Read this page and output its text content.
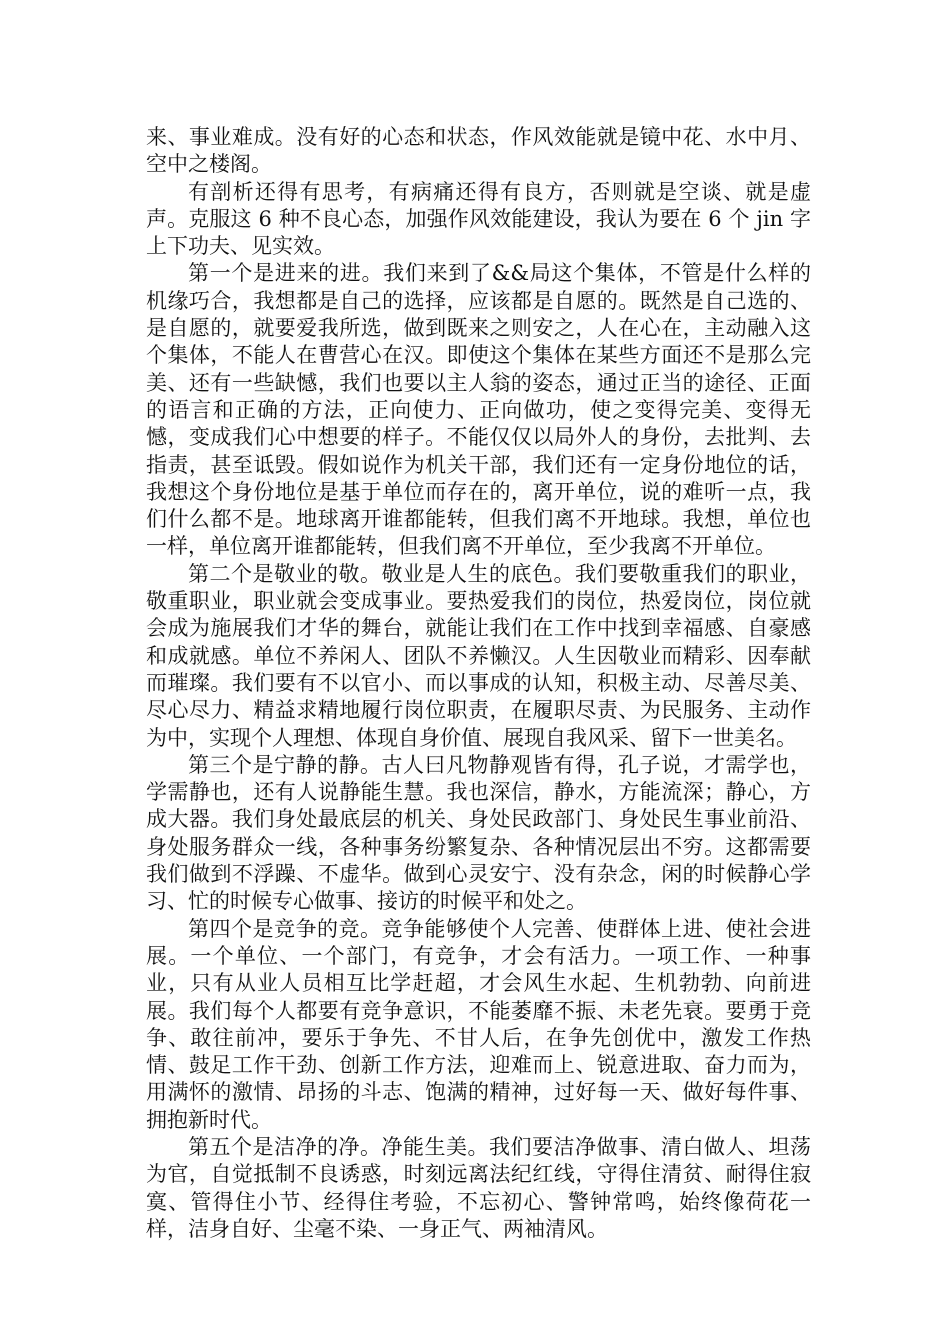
来、事业难成。没有好的心态和状态，作风效能就是镜中花、水中月、空中之楼阁。

有剖析还得有思考，有病痛还得有良方，否则就是空谈、就是虚声。克服这 6 种不良心态，加强作风效能建设，我认为要在 6 个 jin 字上下功夫、见实效。

第一个是进来的进。我们来到了&&局这个集体，不管是什么样的机缘巧合，我想都是自己的选择，应该都是自愿的。既然是自己选的、是自愿的，就要爱我所选，做到既来之则安之，人在心在，主动融入这个集体，不能人在曹营心在汉。即使这个集体在某些方面还不是那么完美、还有一些缺憾，我们也要以主人翁的姿态，通过正当的途径、正面的语言和正确的方法，正向使力、正向做功，使之变得完美、变得无憾，变成我们心中想要的样子。不能仅仅以局外人的身份，去批判、去指责，甚至诋毁。假如说作为机关干部，我们还有一定身份地位的话，我想这个身份地位是基于单位而存在的，离开单位，说的难听一点，我们什么都不是。地球离开谁都能转，但我们离不开地球。我想，单位也一样，单位离开谁都能转，但我们离不开单位，至少我离不开单位。

第二个是敬业的敬。敬业是人生的底色。我们要敬重我们的职业，敬重职业，职业就会变成事业。要热爱我们的岗位，热爱岗位，岗位就会成为施展我们才华的舞台，就能让我们在工作中找到幸福感、自豪感和成就感。单位不养闲人、团队不养懒汉。人生因敬业而精彩、因奉献而璀璨。我们要有不以官小、而以事成的认知，积极主动、尽善尽美、尽心尽力、精益求精地履行岗位职责，在履职尽责、为民服务、主动作为中，实现个人理想、体现自身价值、展现自我风采、留下一世美名。

第三个是宁静的静。古人曰凡物静观皆有得，孔子说，才需学也，学需静也，还有人说静能生慧。我也深信，静水，方能流深；静心，方成大器。我们身处最底层的机关、身处民政部门、身处民生事业前沿、身处服务群众一线，各种事务纷繁复杂、各种情况层出不穷。这都需要我们做到不浮躁、不虚华。做到心灵安宁、没有杂念，闲的时候静心学习、忙的时候专心做事、接访的时候平和处之。

第四个是竞争的竞。竞争能够使个人完善、使群体上进、使社会进展。一个单位、一个部门，有竞争，才会有活力。一项工作、一种事业，只有从业人员相互比学赶超，才会风生水起、生机勃勃、向前进展。我们每个人都要有竞争意识，不能萎靡不振、未老先衰。要勇于竞争、敢往前冲，要乐于争先、不甘人后，在争先创优中，激发工作热情、鼓足工作干劲、创新工作方法，迎难而上、锐意进取、奋力而为，用满怀的激情、昂扬的斗志、饱满的精神，过好每一天、做好每件事、拥抱新时代。

第五个是洁净的净。净能生美。我们要洁净做事、清白做人、坦荡为官，自觉抵制不良诱惑，时刻远离法纪红线，守得住清贫、耐得住寂寞、管得住小节、经得住考验，不忘初心、警钟常鸣，始终像荷花一样，洁身自好、尘毫不染、一身正气、两袖清风。
